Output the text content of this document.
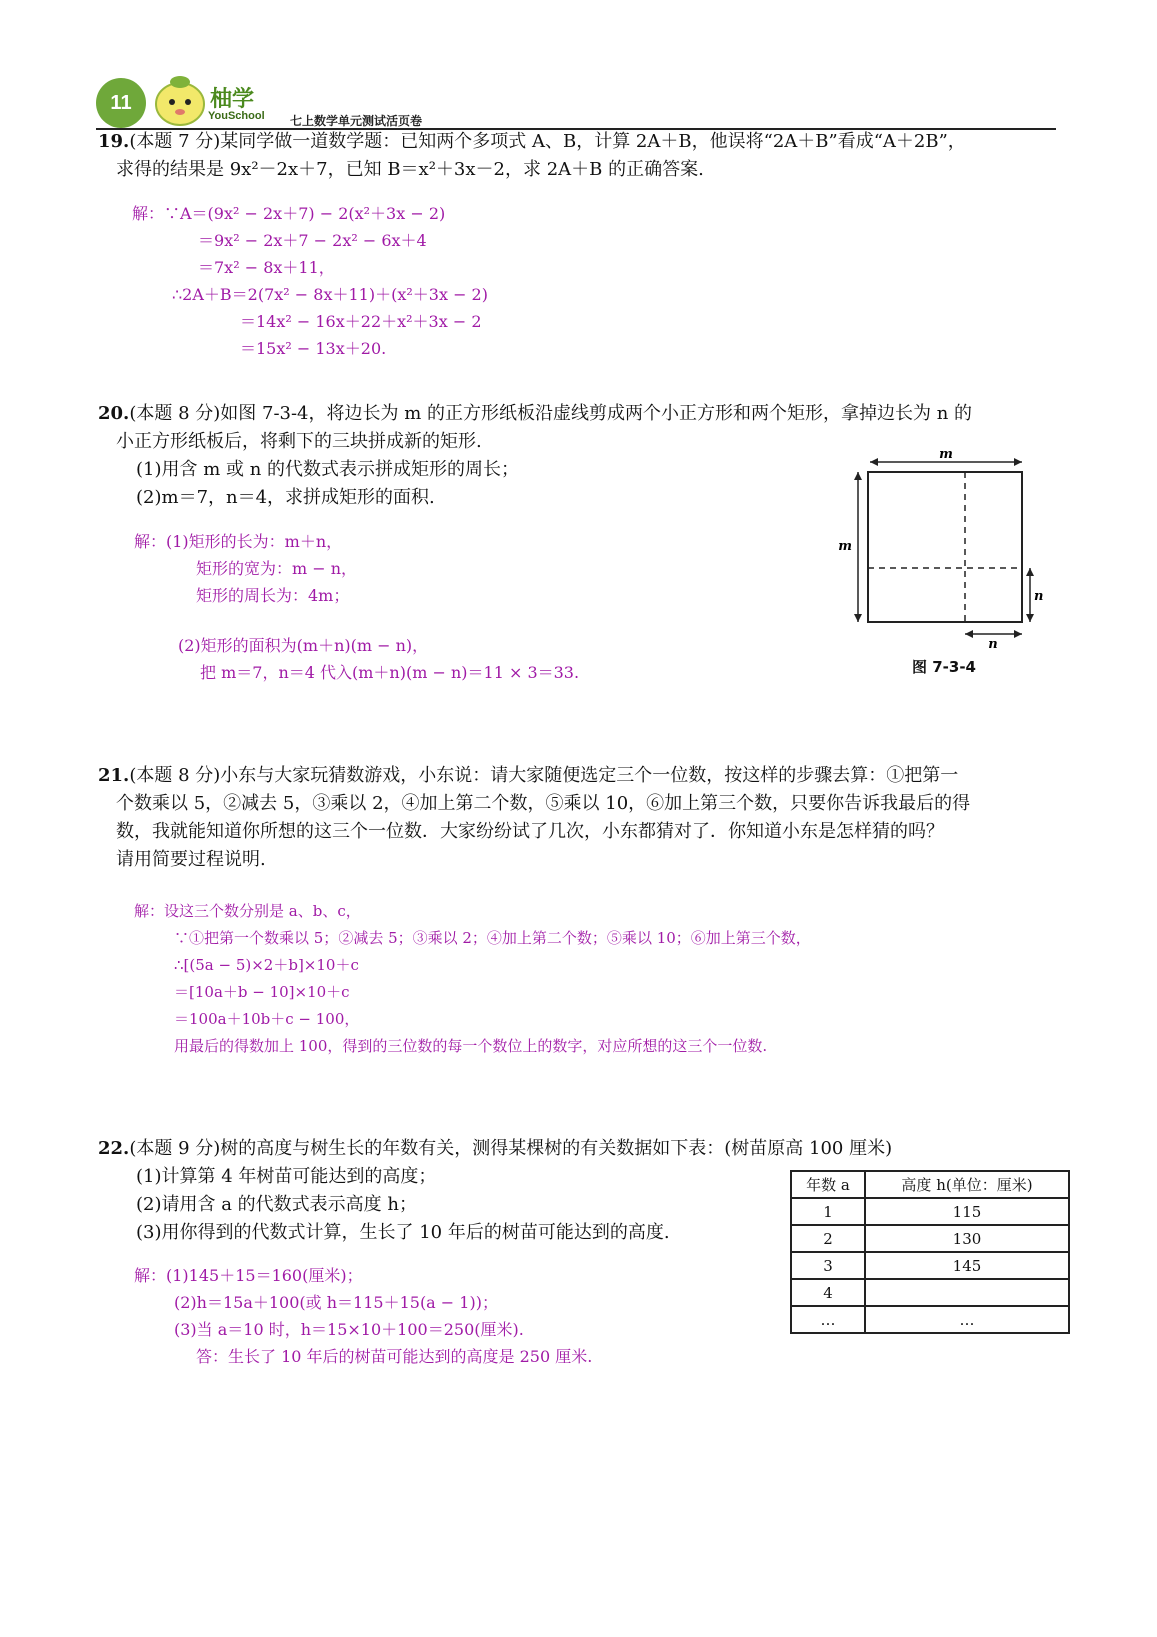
11	柚学
YouSchool 七上数学单元测试活页卷
19.(本题 7 分)某同学做一道数学题：已知两个多项式 A、B，计算 2A＋B，他误将“2A＋B”看成“A＋2B”，
求得的结果是 9x²－2x＋7，已知 B＝x²＋3x－2，求 2A＋B 的正确答案.
解：∵A＝(9x² − 2x＋7) − 2(x²＋3x − 2)
＝9x² − 2x＋7 − 2x² − 6x＋4
＝7x² − 8x＋11，
∴2A＋B＝2(7x² − 8x＋11)＋(x²＋3x − 2)
＝14x² − 16x＋22＋x²＋3x − 2
＝15x² − 13x＋20.
20.(本题 8 分)如图 7-3-4，将边长为 m 的正方形纸板沿虚线剪成两个小正方形和两个矩形，拿掉边长为 n 的
小正方形纸板后，将剩下的三块拼成新的矩形.
(1)用含 m 或 n 的代数式表示拼成矩形的周长；
(2)m＝7，n＝4，求拼成矩形的面积.
解：(1)矩形的长为：m＋n，
矩形的宽为：m − n，
矩形的周长为：4m；
(2)矩形的面积为(m＋n)(m − n)，
把 m＝7，n＝4 代入(m＋n)(m − n)＝11 × 3＝33.
m
m
n
n
图 7-3-4
21.(本题 8 分)小东与大家玩猜数游戏，小东说：请大家随便选定三个一位数，按这样的步骤去算：①把第一
个数乘以 5，②减去 5，③乘以 2，④加上第二个数，⑤乘以 10，⑥加上第三个数，只要你告诉我最后的得
数，我就能知道你所想的这三个一位数．大家纷纷试了几次，小东都猜对了．你知道小东是怎样猜的吗？
请用简要过程说明.
解：设这三个数分别是 a、b、c，
∵①把第一个数乘以 5；②减去 5；③乘以 2；④加上第二个数；⑤乘以 10；⑥加上第三个数，
∴[(5a − 5)×2＋b]×10＋c
＝[10a＋b − 10]×10＋c
＝100a＋10b＋c − 100，
用最后的得数加上 100，得到的三位数的每一个数位上的数字，对应所想的这三个一位数.
22.(本题 9 分)树的高度与树生长的年数有关，测得某棵树的有关数据如下表：(树苗原高 100 厘米)
(1)计算第 4 年树苗可能达到的高度；
(2)请用含 a 的代数式表示高度 h；
(3)用你得到的代数式计算，生长了 10 年后的树苗可能达到的高度.
解：(1)145＋15＝160(厘米)；
(2)h＝15a＋100(或 h＝115＋15(a − 1))；
(3)当 a＝10 时，h＝15×10＋100＝250(厘米).
答：生长了 10 年后的树苗可能达到的高度是 250 厘米.
年数 a	高度 h(单位：厘米)
1	115
2	130
3	145
4	
…	…
